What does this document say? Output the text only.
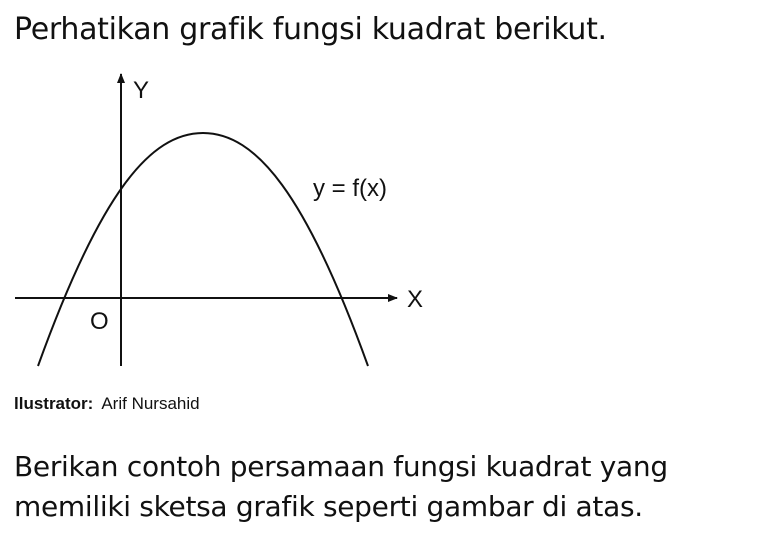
Perhatikan grafik fungsi kuadrat berikut.
Y
X
O
y = f(x)
llustrator: Arif Nursahid
Berikan contoh persamaan fungsi kuadrat yang
memiliki sketsa grafik seperti gambar di atas.
